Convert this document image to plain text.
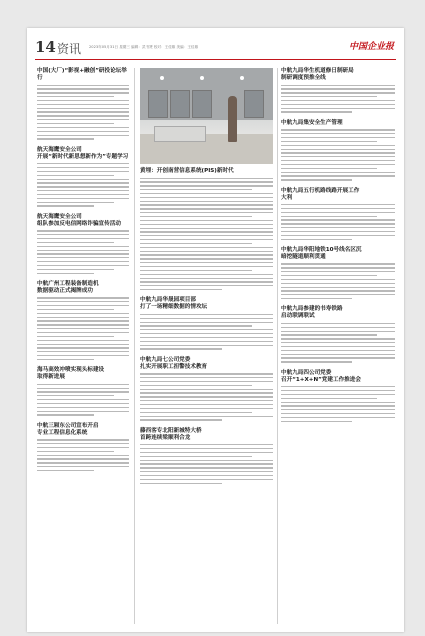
14 资讯 2023年05月31日 星期三 编辑：武书贤 校对：王佳雄 美编：王佳雄	中国企业报
中国(大厂)“影视+融创”研投论坛举行
航天海鹰安全公司
开展“新时代新思想新作为”专题学习
航天海鹰安全公司
组队参加反电信网络诈骗宣传活动
中航广州工程装备制造机
数据驱动正式揭牌成功
海马高效冲喷实现头标建设
取得新进展
中航三厢东公司宣布开启
专业工程信息化系统
黄埋：开创南营信息系统(PIS)新时代
中航九局华晟园项目部
打了一场精细数据的情攻坛
中航九局七公司党委
扎实开展职工担警技术教育
藤西客专北阳新城特大桥
首跨连续梁顺利合龙
中航九局华生机道修日制研局
制研调度预推全线
中航九局集安全生产管理
中航九局五行机路线路开展工作
大利
中航九局华阳地铁10号线名区沉
暗挖隧道顺利贯通
中航九局参建的书寿铁路
启动联调联试
中航九局四公司党委
召开“1+X+N”党建工作推进会
